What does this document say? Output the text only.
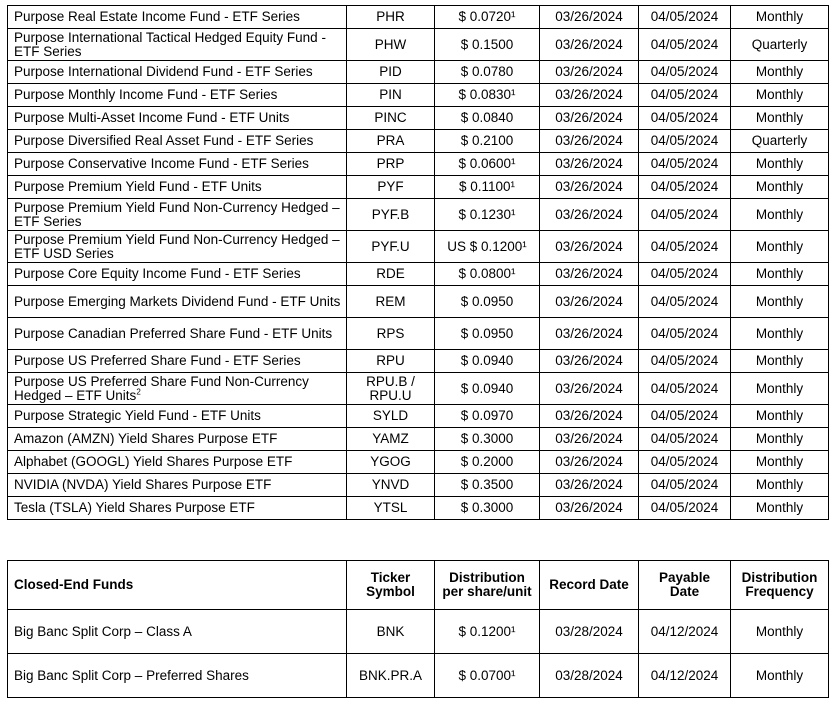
Purpose Real Estate Income Fund - ETF Series	PHR	$ 0.0720¹	03/26/2024	04/05/2024	Monthly
Purpose International Tactical Hedged Equity Fund - ETF Series	PHW	$ 0.1500	03/26/2024	04/05/2024	Quarterly
Purpose International Dividend Fund - ETF Series	PID	$ 0.0780	03/26/2024	04/05/2024	Monthly
Purpose Monthly Income Fund - ETF Series	PIN	$ 0.0830¹	03/26/2024	04/05/2024	Monthly
Purpose Multi-Asset Income Fund - ETF Units	PINC	$ 0.0840	03/26/2024	04/05/2024	Monthly
Purpose Diversified Real Asset Fund - ETF Series	PRA	$ 0.2100	03/26/2024	04/05/2024	Quarterly
Purpose Conservative Income Fund - ETF Series	PRP	$ 0.0600¹	03/26/2024	04/05/2024	Monthly
Purpose Premium Yield Fund - ETF Units	PYF	$ 0.1100¹	03/26/2024	04/05/2024	Monthly
Purpose Premium Yield Fund Non-Currency Hedged – ETF Series	PYF.B	$ 0.1230¹	03/26/2024	04/05/2024	Monthly
Purpose Premium Yield Fund Non-Currency Hedged – ETF USD Series	PYF.U	US $ 0.1200¹	03/26/2024	04/05/2024	Monthly
Purpose Core Equity Income Fund - ETF Series	RDE	$ 0.0800¹	03/26/2024	04/05/2024	Monthly
Purpose Emerging Markets Dividend Fund - ETF Units	REM	$ 0.0950	03/26/2024	04/05/2024	Monthly
Purpose Canadian Preferred Share Fund - ETF Units	RPS	$ 0.0950	03/26/2024	04/05/2024	Monthly
Purpose US Preferred Share Fund - ETF Series	RPU	$ 0.0940	03/26/2024	04/05/2024	Monthly
Purpose US Preferred Share Fund Non-Currency Hedged – ETF Units$^2$	RPU.B / RPU.U	$ 0.0940	03/26/2024	04/05/2024	Monthly
Purpose Strategic Yield Fund - ETF Units	SYLD	$ 0.0970	03/26/2024	04/05/2024	Monthly
Amazon (AMZN) Yield Shares Purpose ETF	YAMZ	$ 0.3000	03/26/2024	04/05/2024	Monthly
Alphabet (GOOGL) Yield Shares Purpose ETF	YGOG	$ 0.2000	03/26/2024	04/05/2024	Monthly
NVIDIA (NVDA) Yield Shares Purpose ETF	YNVD	$ 0.3500	03/26/2024	04/05/2024	Monthly
Tesla (TSLA) Yield Shares Purpose ETF	YTSL	$ 0.3000	03/26/2024	04/05/2024	Monthly
Closed-End Funds	Ticker Symbol	Distribution per share/unit	Record Date	Payable Date	Distribution Frequency
Big Banc Split Corp – Class A	BNK	$ 0.1200¹	03/28/2024	04/12/2024	Monthly
Big Banc Split Corp – Preferred Shares	BNK.PR.A	$ 0.0700¹	03/28/2024	04/12/2024	Monthly
